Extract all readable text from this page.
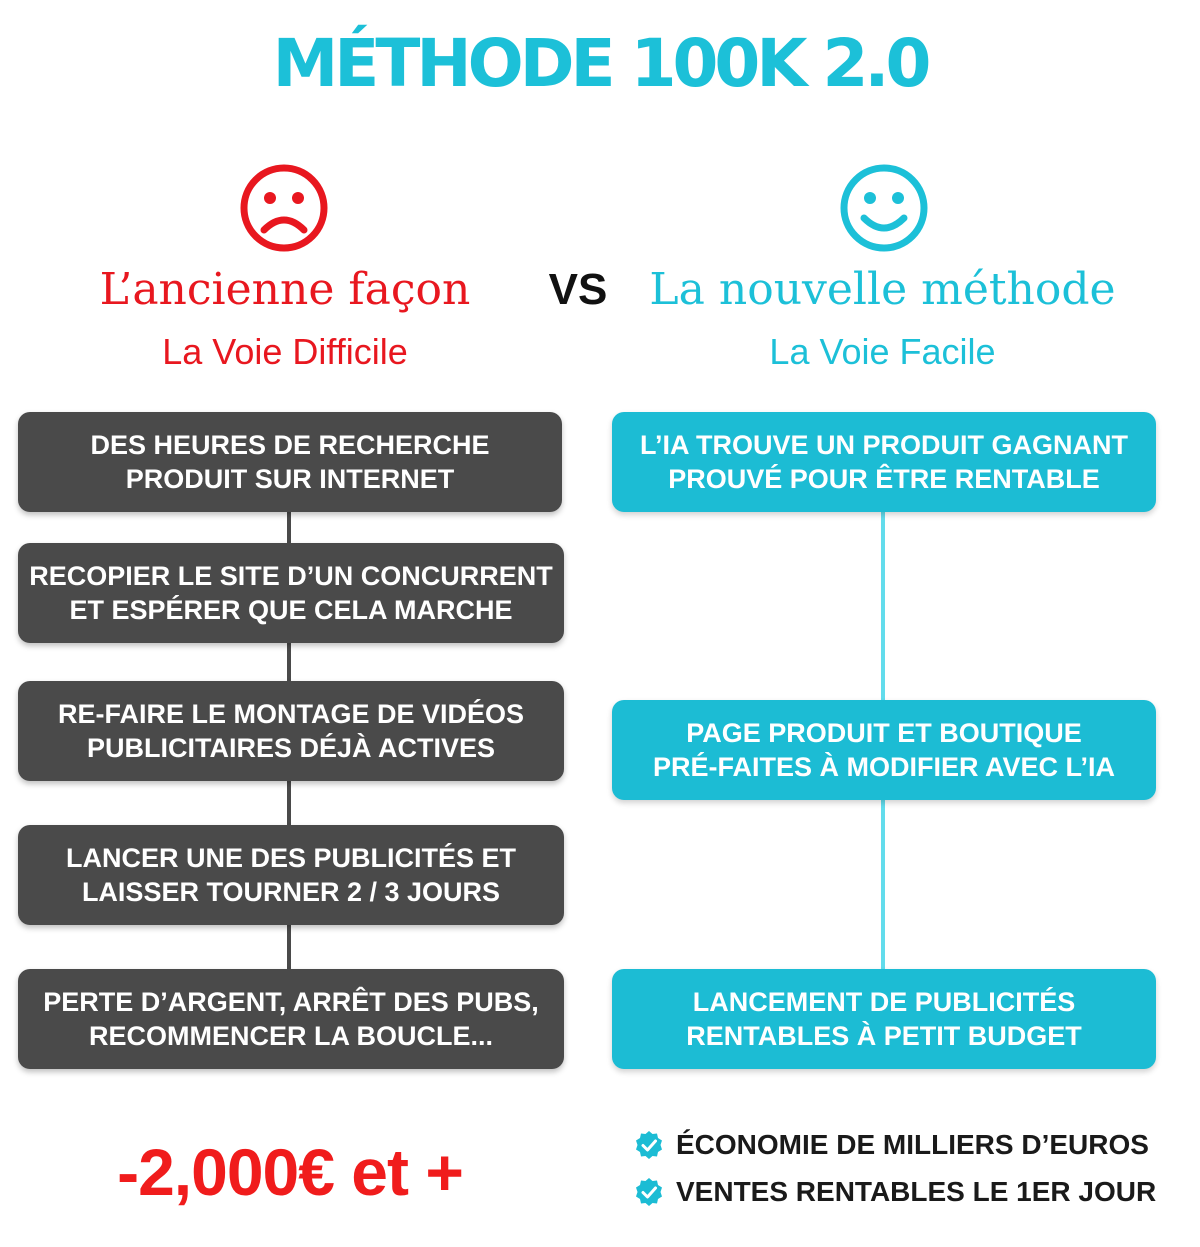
MÉTHODE 100K 2.0
L’ancienne façon	VS La nouvelle méthode
La Voie Difficile	La Voie Facile
DES HEURES DE RECHERCHE
PRODUIT SUR INTERNET
RECOPIER LE SITE D’UN CONCURRENT
ET ESPÉRER QUE CELA MARCHE
RE-FAIRE LE MONTAGE DE VIDÉOS
PUBLICITAIRES DÉJÀ ACTIVES
LANCER UNE DES PUBLICITÉS ET
LAISSER TOURNER 2 / 3 JOURS
PERTE D’ARGENT, ARRÊT DES PUBS,
RECOMMENCER LA BOUCLE...
L’IA TROUVE UN PRODUIT GAGNANT
PROUVÉ POUR ÊTRE RENTABLE
PAGE PRODUIT ET BOUTIQUE
PRÉ-FAITES À MODIFIER AVEC L’IA
LANCEMENT DE PUBLICITÉS
RENTABLES À PETIT BUDGET
-2,000€ et +	ÉCONOMIE DE MILLIERS D’EUROS
VENTES RENTABLES LE 1ER JOUR
